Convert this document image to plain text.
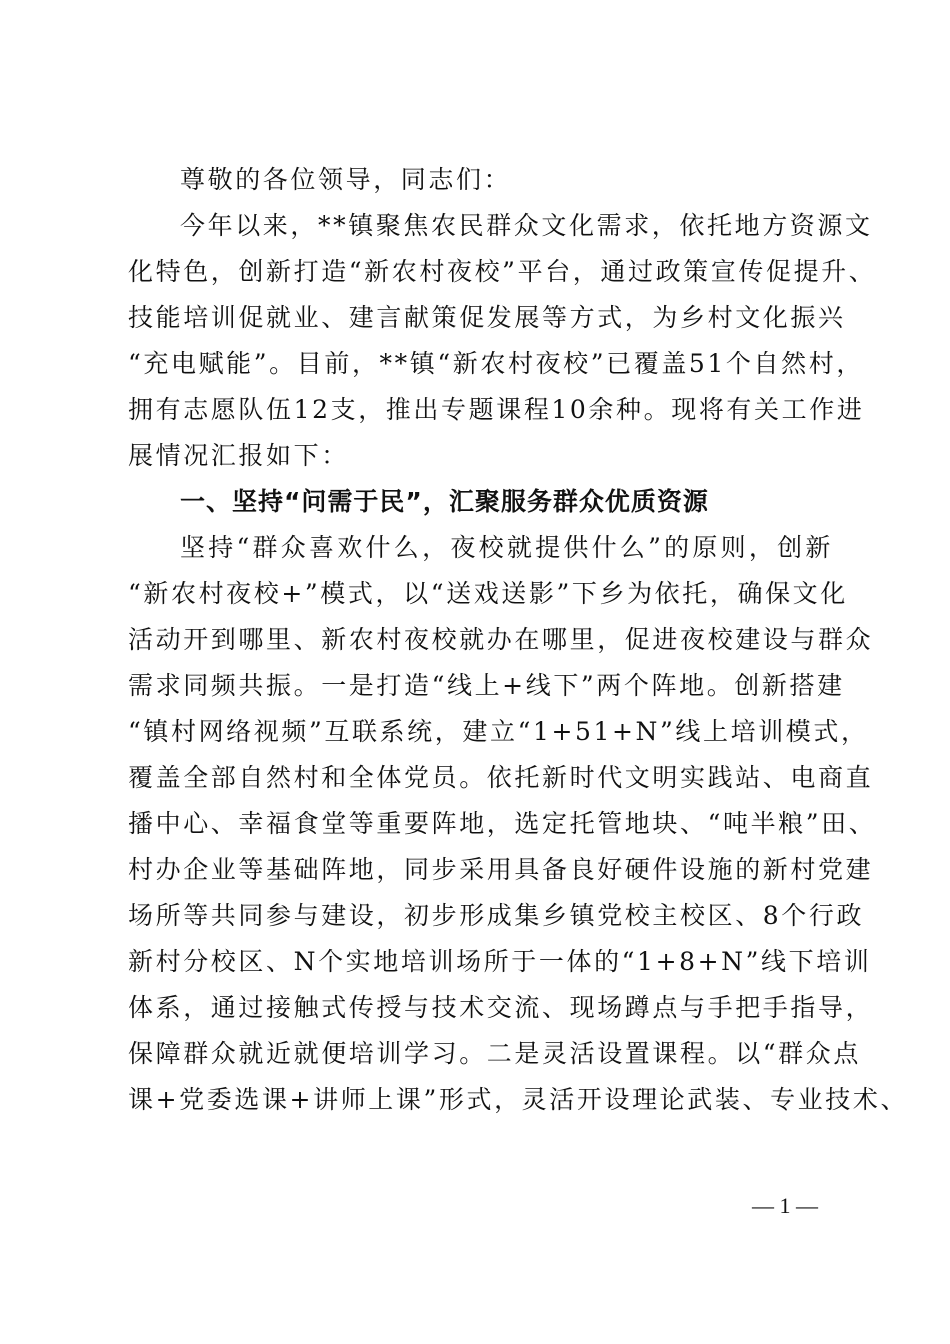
尊敬的各位领导，同志们：
今年以来，**镇聚焦农民群众文化需求，依托地方资源文
化特色，创新打造“新农村夜校”平台，通过政策宣传促提升、
技能培训促就业、建言献策促发展等方式，为乡村文化振兴
“充电赋能”。目前，**镇“新农村夜校”已覆盖51个自然村，
拥有志愿队伍12支，推出专题课程10余种。现将有关工作进
展情况汇报如下：
一、坚持“问需于民”，汇聚服务群众优质资源
坚持“群众喜欢什么，夜校就提供什么”的原则，创新
“新农村夜校+”模式，以“送戏送影”下乡为依托，确保文化
活动开到哪里、新农村夜校就办在哪里，促进夜校建设与群众
需求同频共振。一是打造“线上+线下”两个阵地。创新搭建
“镇村网络视频”互联系统，建立“1+51+N”线上培训模式，
覆盖全部自然村和全体党员。依托新时代文明实践站、电商直
播中心、幸福食堂等重要阵地，选定托管地块、“吨半粮”田、
村办企业等基础阵地，同步采用具备良好硬件设施的新村党建
场所等共同参与建设，初步形成集乡镇党校主校区、8个行政
新村分校区、N个实地培训场所于一体的“1+8+N”线下培训
体系，通过接触式传授与技术交流、现场蹲点与手把手指导，
保障群众就近就便培训学习。二是灵活设置课程。以“群众点
课+党委选课+讲师上课”形式，灵活开设理论武装、专业技术、
— 1 —
